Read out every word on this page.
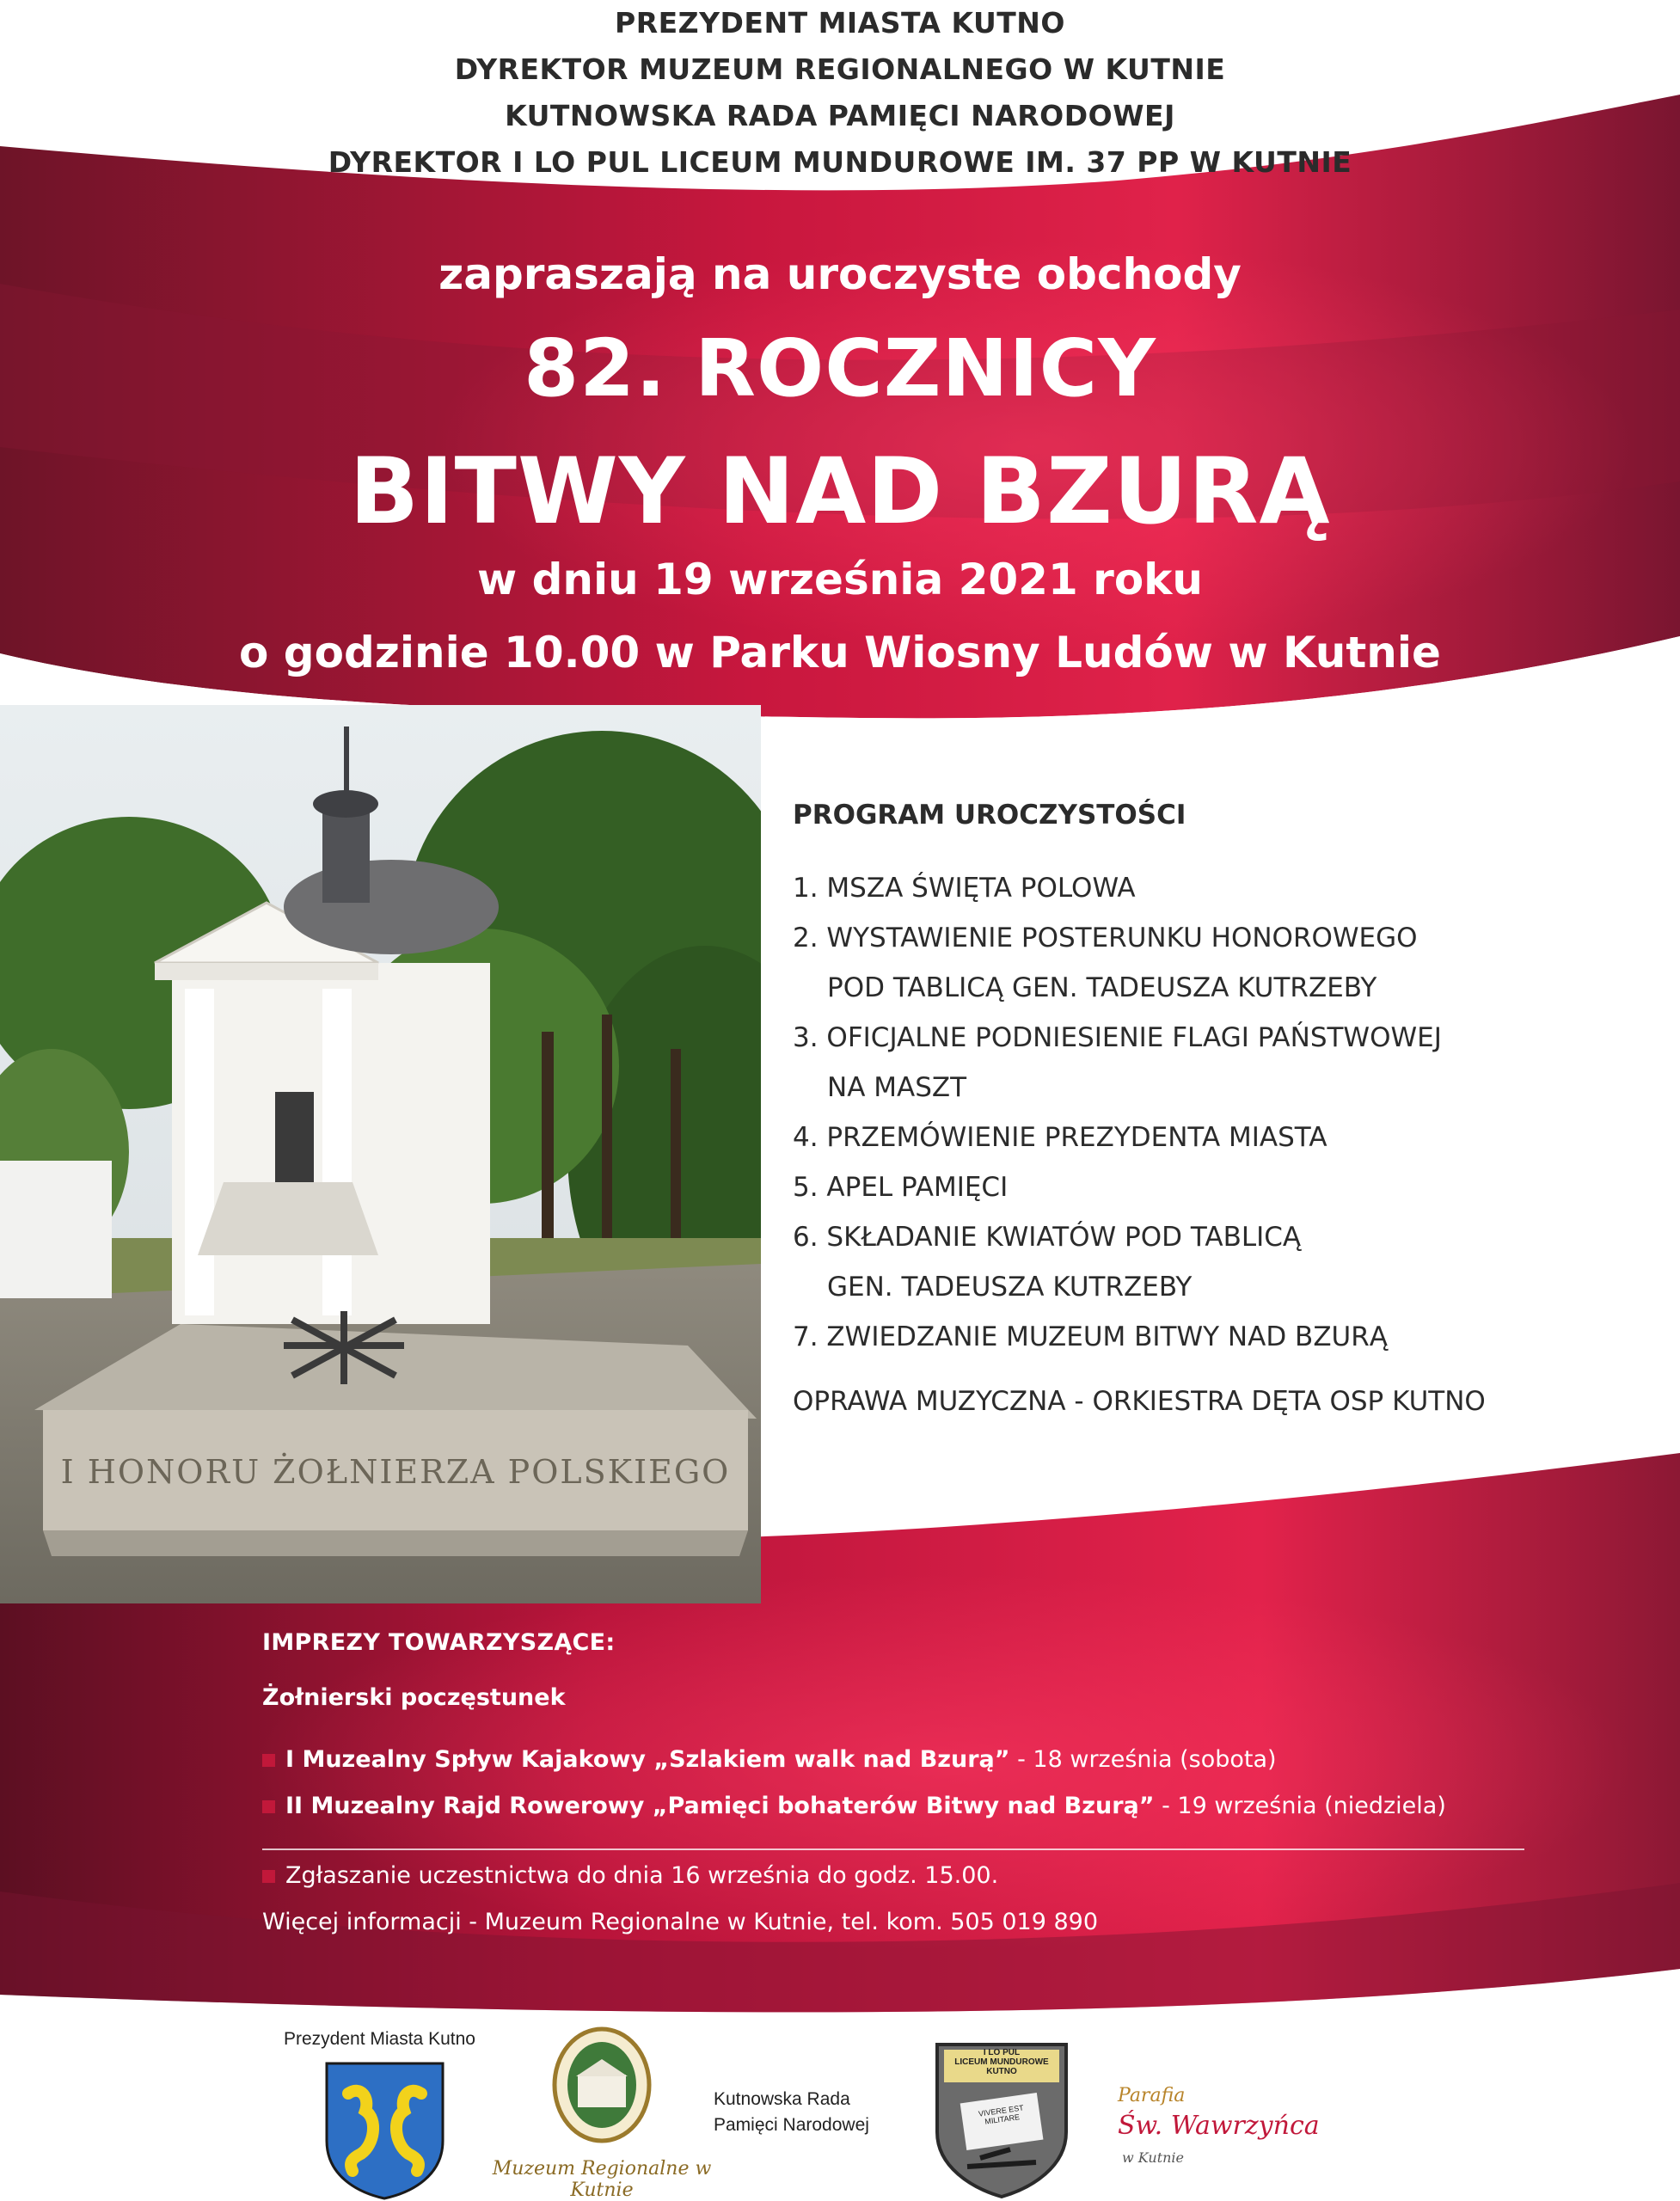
PREZYDENT MIASTA KUTNO
DYREKTOR MUZEUM REGIONALNEGO W KUTNIE
KUTNOWSKA RADA PAMIĘCI NARODOWEJ
DYREKTOR I LO PUL LICEUM MUNDUROWE IM. 37 PP W KUTNIE
zapraszają na uroczyste obchody
82. ROCZNICY
BITWY NAD BZURĄ
w dniu 19 września 2021 roku
o godzinie 10.00 w Parku Wiosny Ludów w Kutnie
I HONORU ŻOŁNIERZA POLSKIEGO
PROGRAM UROCZYSTOŚCI
1. MSZA ŚWIĘTA POLOWA
2. WYSTAWIENIE POSTERUNKU HONOROWEGO
POD TABLICĄ GEN. TADEUSZA KUTRZEBY
3. OFICJALNE PODNIESIENIE FLAGI PAŃSTWOWEJ
NA MASZT
4. PRZEMÓWIENIE PREZYDENTA MIASTA
5. APEL PAMIĘCI
6. SKŁADANIE KWIATÓW POD TABLICĄ
GEN. TADEUSZA KUTRZEBY
7. ZWIEDZANIE MUZEUM BITWY NAD BZURĄ
OPRAWA MUZYCZNA - ORKIESTRA DĘTA OSP KUTNO
IMPREZY TOWARZYSZĄCE:
Żołnierski poczęstunek
I Muzealny Spływ Kajakowy „Szlakiem walk nad Bzurą” - 18 września (sobota)
II Muzealny Rajd Rowerowy „Pamięci bohaterów Bitwy nad Bzurą” - 19 września (niedziela)
Zgłaszanie uczestnictwa do dnia 16 września do godz. 15.00.
Więcej informacji - Muzeum Regionalne w Kutnie, tel. kom. 505 019 890
Prezydent Miasta Kutno
Muzeum Regionalne w Kutnie
Kutnowska Rada
Pamięci Narodowej
I LO PUL
LICEUM MUNDUROWE
KUTNO
VIVERE EST MILITARE
Parafia
Św. Wawrzyńca
w Kutnie
